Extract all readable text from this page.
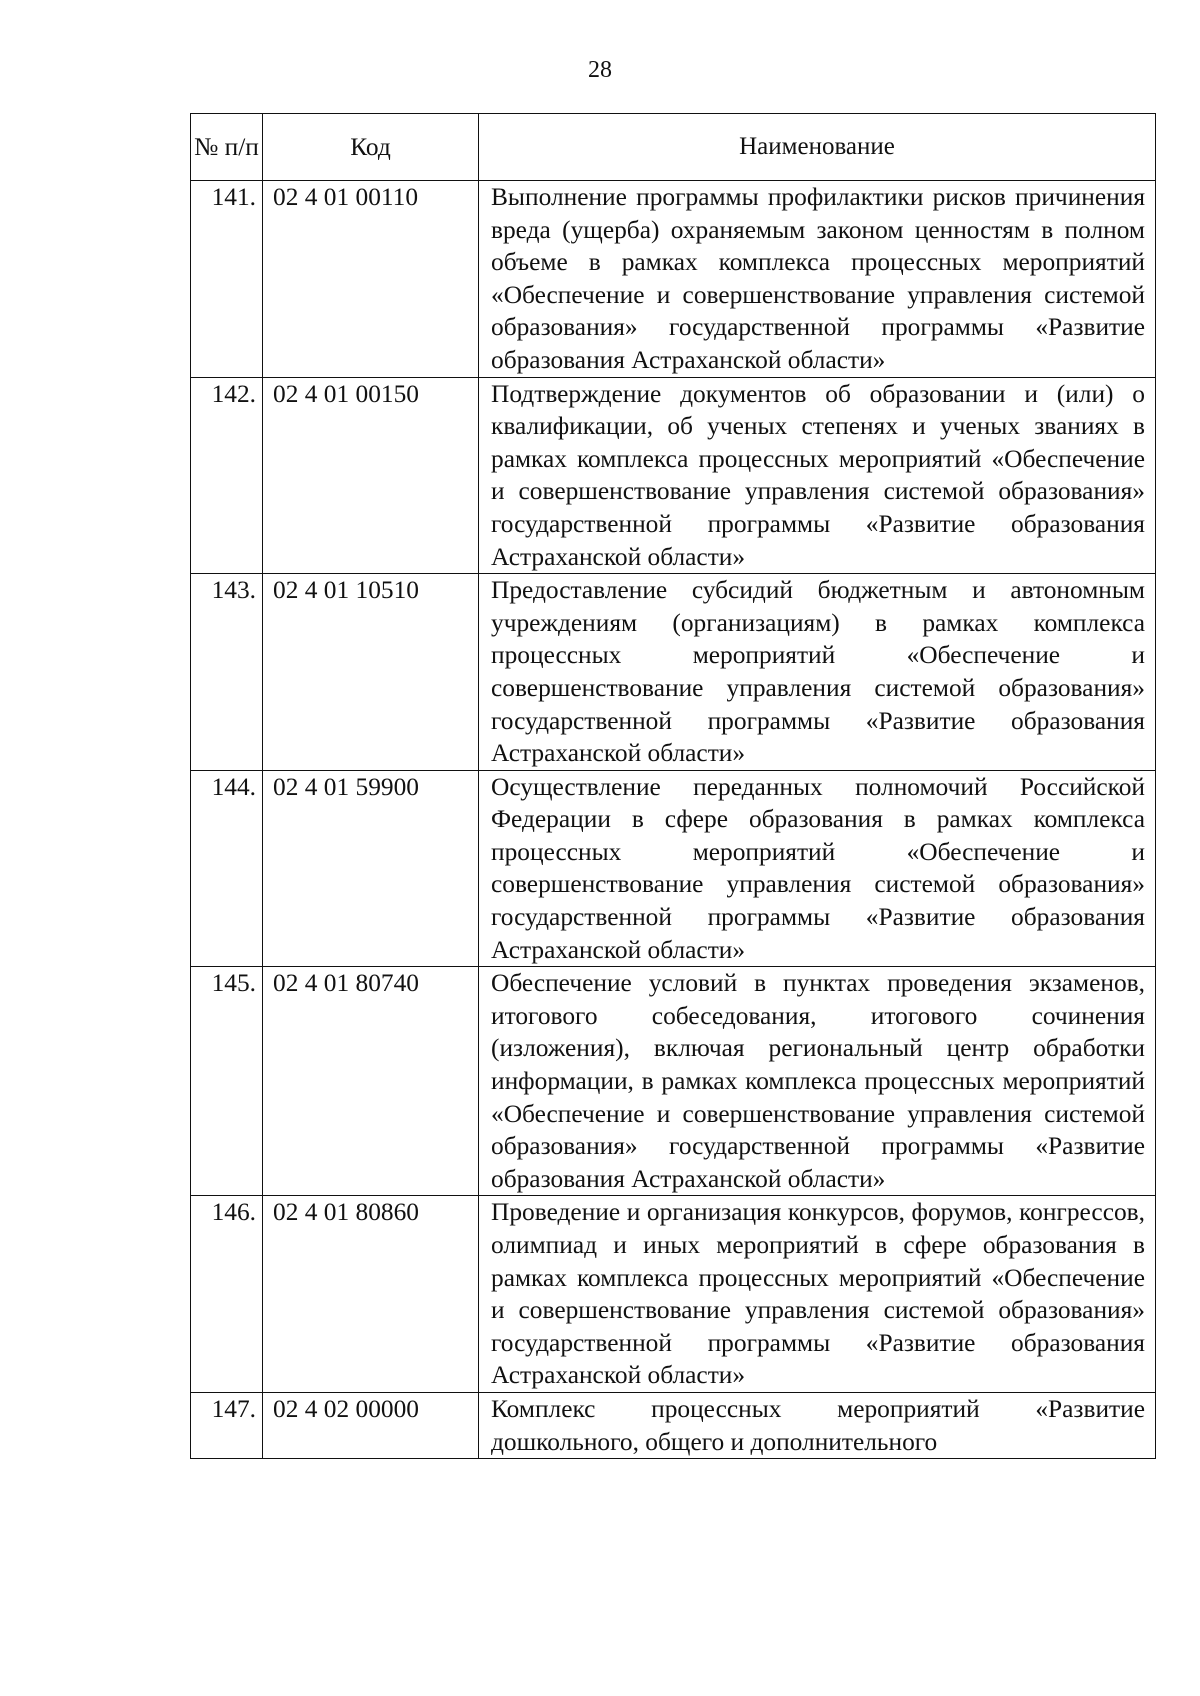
28
№ п/п	Код	Наименование
141.	02 4 01 00110	Выполнение программы профилактики рисков причинения вреда (ущерба) охраняемым законом ценностям в полном объеме в рамках комплекса процессных мероприятий «Обеспечение и совершенствование управления системой образования» государственной программы «Развитие образования Астраханской области»
142.	02 4 01 00150	Подтверждение документов об образовании и (или) о квалификации, об ученых степенях и ученых званиях в рамках комплекса процессных мероприятий «Обеспечение и совершенствование управления системой образования» государственной программы «Развитие образования Астраханской области»
143.	02 4 01 10510	Предоставление субсидий бюджетным и автономным учреждениям (организациям) в рамках комплекса процессных мероприятий «Обеспечение и совершенствование управления системой образования» государственной программы «Развитие образования Астраханской области»
144.	02 4 01 59900	Осуществление переданных полномочий Российской Федерации в сфере образования в рамках комплекса процессных мероприятий «Обеспечение и совершенствование управления системой образования» государственной программы «Развитие образования Астраханской области»
145.	02 4 01 80740	Обеспечение условий в пунктах проведения экзаменов, итогового собеседования, итогового сочинения (изложения), включая региональный центр обработки информации, в рамках комплекса процессных мероприятий «Обеспечение и совершенствование управления системой образования» государственной программы «Развитие образования Астраханской области»
146.	02 4 01 80860	Проведение и организация конкурсов, форумов, конгрессов, олимпиад и иных мероприятий в сфере образования в рамках комплекса процессных мероприятий «Обеспечение и совершенствование управления системой образования» государственной программы «Развитие образования Астраханской области»
147.	02 4 02 00000	Комплекс процессных мероприятий «Развитие дошкольного, общего и дополнительного
